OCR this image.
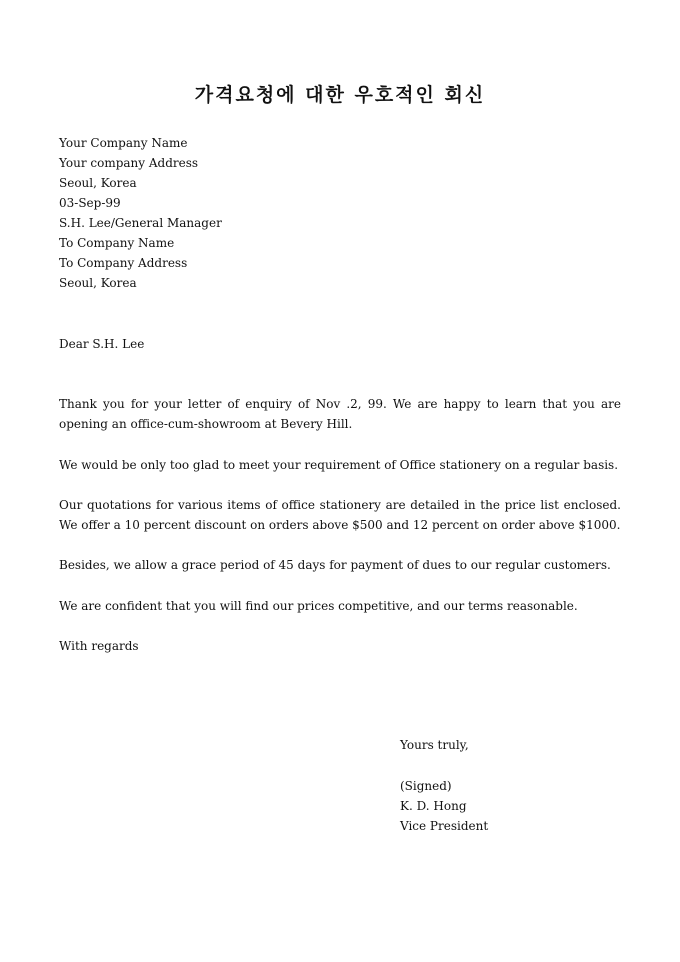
가격요청에 대한 우호적인 회신
Your Company Name
Your company Address
Seoul, Korea
03-Sep-99
S.H. Lee/General Manager
To Company Name
To Company Address
Seoul, Korea
Dear S.H. Lee
Thank you for your letter of enquiry of Nov .2, 99. We are happy to learn that you are opening an office-cum-showroom at Bevery Hill.
We would be only too glad to meet your requirement of Office stationery on a regular basis.
Our quotations for various items of office stationery are detailed in the price list enclosed. We offer a 10 percent discount on orders above $500 and 12 percent on order above $1000.
Besides, we allow a grace period of 45 days for payment of dues to our regular customers.
We are confident that you will find our prices competitive, and our terms reasonable.
With regards
Yours truly,
(Signed)
K. D. Hong
Vice President
